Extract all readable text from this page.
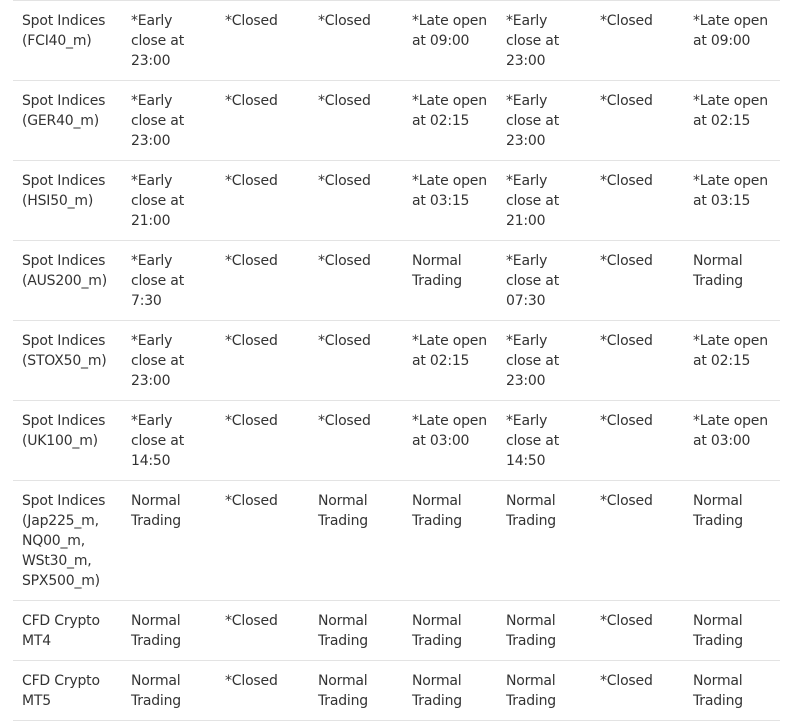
Spot Indices (FCI40_m)	*Early close at 23:00	*Closed	*Closed	*Late open at 09:00	*Early close at 23:00	*Closed	*Late open at 09:00
Spot Indices (GER40_m)	*Early close at 23:00	*Closed	*Closed	*Late open at 02:15	*Early close at 23:00	*Closed	*Late open at 02:15
Spot Indices (HSI50_m)	*Early close at 21:00	*Closed	*Closed	*Late open at 03:15	*Early close at 21:00	*Closed	*Late open at 03:15
Spot Indices (AUS200_m)	*Early close at 7:30	*Closed	*Closed	Normal Trading	*Early close at 07:30	*Closed	Normal Trading
Spot Indices (STOX50_m)	*Early close at 23:00	*Closed	*Closed	*Late open at 02:15	*Early close at 23:00	*Closed	*Late open at 02:15
Spot Indices (UK100_m)	*Early close at 14:50	*Closed	*Closed	*Late open at 03:00	*Early close at 14:50	*Closed	*Late open at 03:00
Spot Indices (Jap225_m, NQ00_m, WSt30_m, SPX500_m)	Normal Trading	*Closed	Normal Trading	Normal Trading	Normal Trading	*Closed	Normal Trading
CFD Crypto MT4	Normal Trading	*Closed	Normal Trading	Normal Trading	Normal Trading	*Closed	Normal Trading
CFD Crypto MT5	Normal Trading	*Closed	Normal Trading	Normal Trading	Normal Trading	*Closed	Normal Trading
